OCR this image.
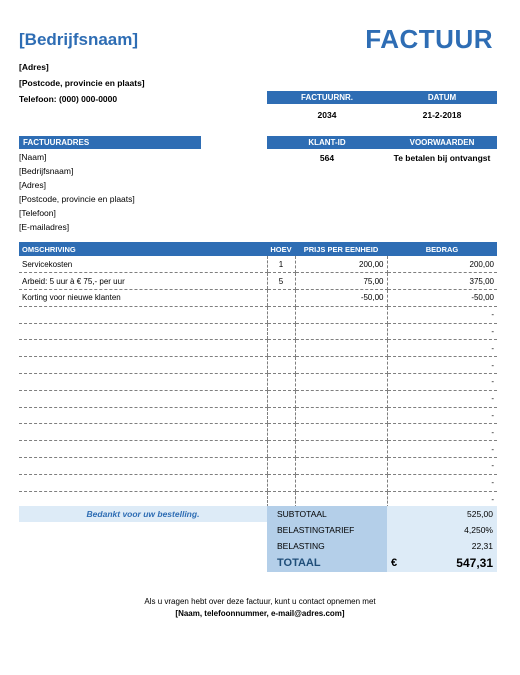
[Bedrijfsnaam]	FACTUUR
[Adres]
[Postcode, provincie en plaats]
Telefoon: (000) 000-0000	FACTUURNR.	DATUM
2034	21-2-2018
KLANT-ID	VOORWAARDEN
564	Te betalen bij ontvangst
FACTUURADRES
[Naam]
[Bedrijfsnaam]
[Adres]
[Postcode, provincie en plaats]
[Telefoon]
[E-mailadres]
OMSCHRIVING	HOEV	PRIJS PER EENHEID	BEDRAG
Servicekosten	1	200,00	200,00
Arbeid: 5 uur à € 75,- per uur	5	75,00	375,00
Korting voor nieuwe klanten		-50,00	-50,00
			-
			-
			-
			-
			-
			-
			-
			-
			-
			-
			-
			-
Bedankt voor uw bestelling.	SUBTOTAAL	525,00
BELASTINGTARIEF	4,250%
BELASTING	22,31
TOTAAL	€	547,31
Als u vragen hebt over deze factuur, kunt u contact opnemen met
[Naam, telefoonnummer, e-mail@adres.com]
